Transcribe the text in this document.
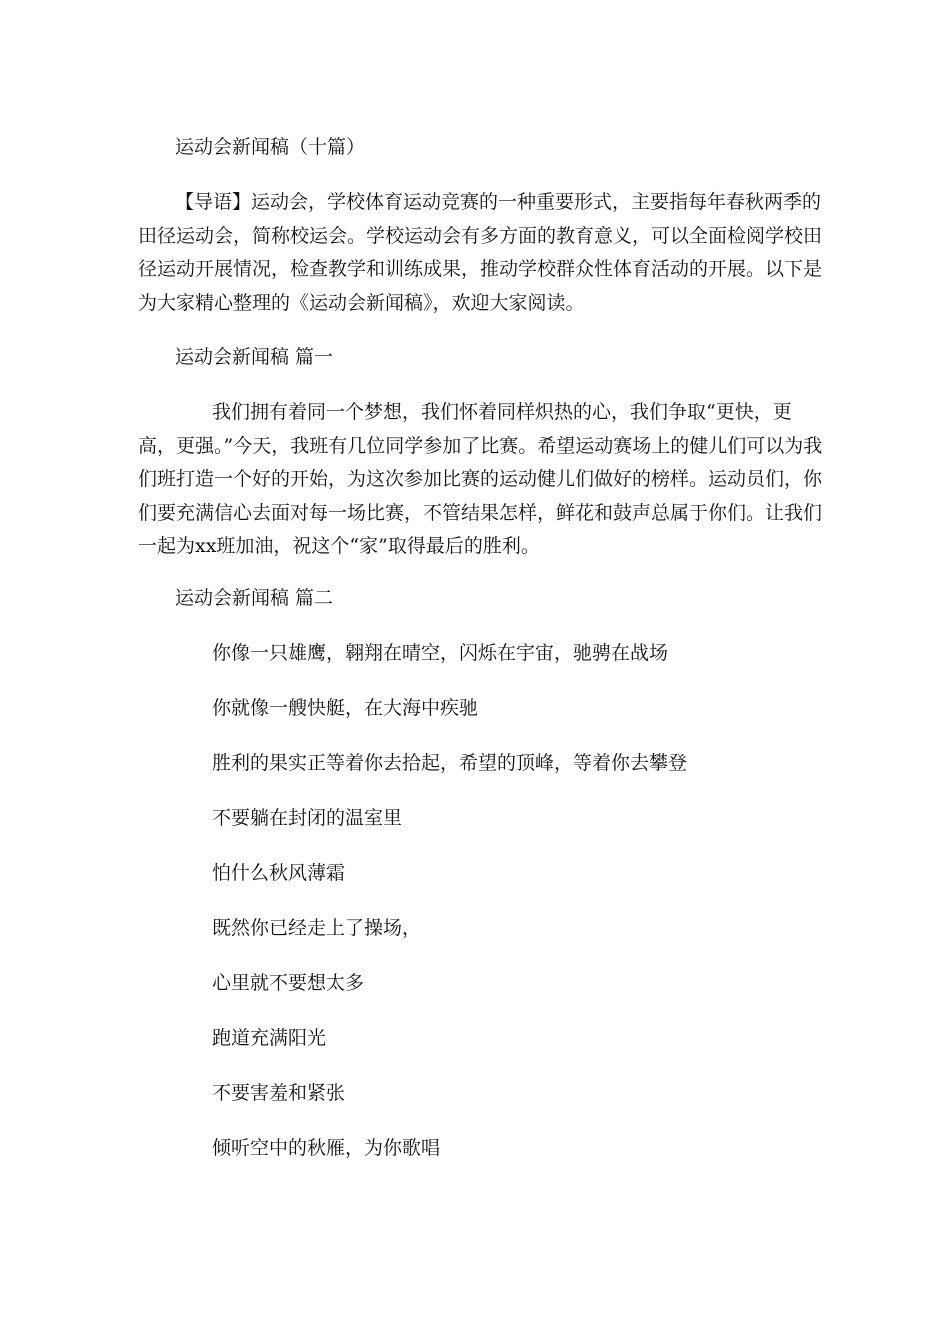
运动会新闻稿（十篇）
【导语】运动会，学校体育运动竞赛的一种重要形式，主要指每年春秋两季的田径运动会，简称校运会。学校运动会有多方面的教育意义，可以全面检阅学校田径运动开展情况，检查教学和训练成果，推动学校群众性体育活动的开展。以下是为大家精心整理的《运动会新闻稿》，欢迎大家阅读。
运动会新闻稿 篇一
我们拥有着同一个梦想，我们怀着同样炽热的心，我们争取“更快，更高，更强。”今天，我班有几位同学参加了比赛。希望运动赛场上的健儿们可以为我们班打造一个好的开始，为这次参加比赛的运动健儿们做好的榜样。运动员们，你们要充满信心去面对每一场比赛，不管结果怎样，鲜花和鼓声总属于你们。让我们一起为xx班加油，祝这个“家”取得最后的胜利。
运动会新闻稿 篇二
你像一只雄鹰，翱翔在晴空，闪烁在宇宙，驰骋在战场
你就像一艘快艇，在大海中疾驰
胜利的果实正等着你去拾起，希望的顶峰，等着你去攀登
不要躺在封闭的温室里
怕什么秋风薄霜
既然你已经走上了操场，
心里就不要想太多
跑道充满阳光
不要害羞和紧张
倾听空中的秋雁，为你歌唱
